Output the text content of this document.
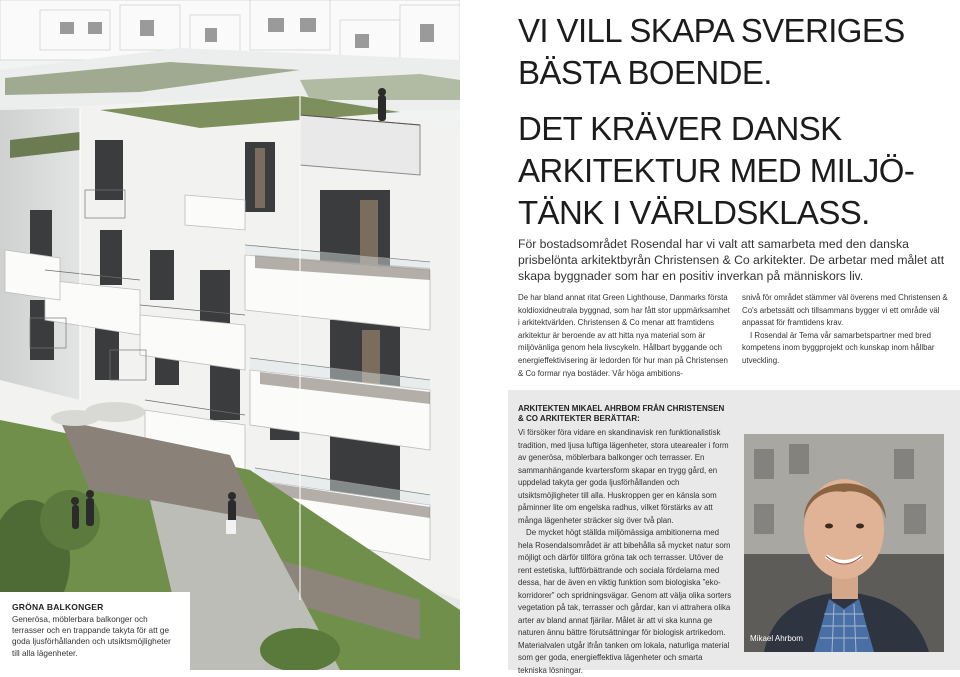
GRÖNA BALKONGER
Generösa, möblerbara balkonger och terrasser och en trappande takyta för att ge goda ljusförhållanden och utsiktsmöjligheter till alla lägenheter.
VI VILL SKAPA SVERIGES
BÄSTA BOENDE.
DET KRÄVER DANSK
ARKITEKTUR MED MILJÖ-
TÄNK I VÄRLDSKLASS.
För bostadsområdet Rosendal har vi valt att samarbeta med den danska prisbelönta arkitektbyrån Christensen & Co arkitekter. De arbetar med målet att skapa byggnader som har en positiv inverkan på människors liv.
De har bland annat ritat Green Lighthouse, Danmarks första koldioxidneutrala byggnad, som har fått stor uppmärksamhet i arkitektvärlden. Christensen & Co menar att framtidens arkitektur är beroende av att hitta nya material som är miljövänliga genom hela livscykeln. Hållbart byggande och energieffektivisering är ledorden för hur man på Christensen & Co formar nya bostäder. Vår höga ambitions-

snivå för området stämmer väl överens med Christensen & Co's arbetssätt och tillsammans bygger vi ett område väl anpassat för framtidens krav.

I Rosendal är Tema vår samarbetspartner med bred kompetens inom byggprojekt och kunskap inom hållbar utveckling.

ARKITEKTEN MIKAEL AHRBOM FRÅN CHRISTENSEN & CO ARKITEKTER BERÄTTAR:

Vi försöker föra vidare en skandinavisk ren funktionalistisk tradition, med ljusa luftiga lägenheter, stora uteareaIer i form av generösa, möblerbara balkonger och terrasser. En sammanhängande kvartersform skapar en trygg gård, en uppdelad takyta ger goda ljusförhållanden och utsiktsmöjligheter till alla. Huskroppen ger en känsla som påminner lite om engelska radhus, vilket förstärks av att många lägenheter sträcker sig över två plan.

De mycket högt ställda miljömässiga ambitionerna med hela Rosendalsområdet är att bibehålla så mycket natur som möjligt och därför tillföra gröna tak och terrasser. Utöver de rent estetiska, luftförbättrande och sociala fördelarna med dessa, har de även en viktig funktion som biologiska ”eko-korridorer” och spridningsvägar. Genom att välja olika sorters vegetation på tak, terrasser och gårdar, kan vi attrahera olika arter av bland annat fjärilar. Målet är att vi ska kunna ge naturen ännu bättre förutsättningar för biologisk artrikedom. Materialvalen utgår ifrån tanken om lokala, naturliga material som ger goda, energieffektiva lägenheter och smarta tekniska lösningar.

Mikael Ahrbom
